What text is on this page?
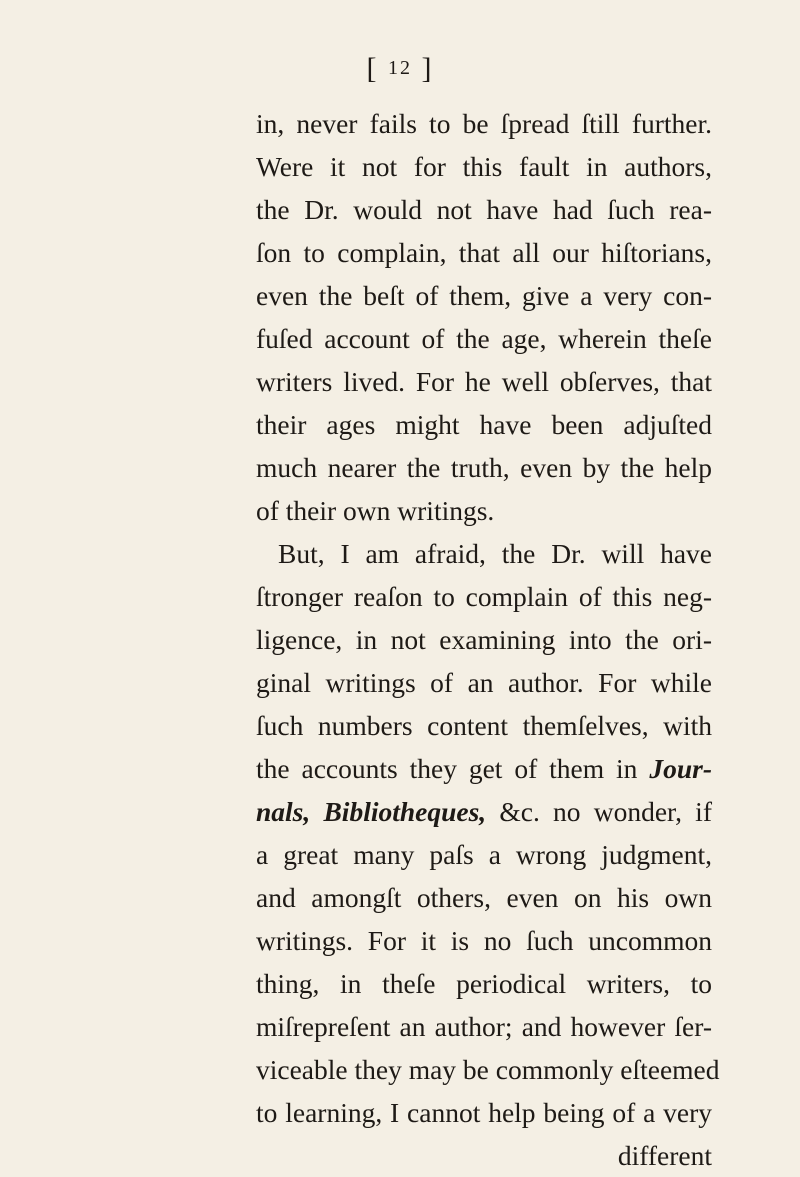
[ 12 ]
in, never fails to be ſpread ſtill further.
Were it not for this fault in authors,
the Dr. would not have had ſuch rea-
ſon to complain, that all our hiſtorians,
even the beſt of them, give a very con-
fuſed account of the age, wherein theſe
writers lived. For he well obſerves, that
their ages might have been adjuſted
much nearer the truth, even by the help
of their own writings.
But, I am afraid, the Dr. will have
ſtronger reaſon to complain of this neg-
ligence, in not examining into the ori-
ginal writings of an author. For while
ſuch numbers content themſelves, with
the accounts they get of them in Jour-
nals, Bibliotheques, &c. no wonder, if
a great many paſs a wrong judgment,
and amongſt others, even on his own
writings. For it is no ſuch uncommon
thing, in theſe periodical writers, to
miſrepreſent an author; and however ſer-
viceable they may be commonly eſteemed
to learning, I cannot help being of a very
different
